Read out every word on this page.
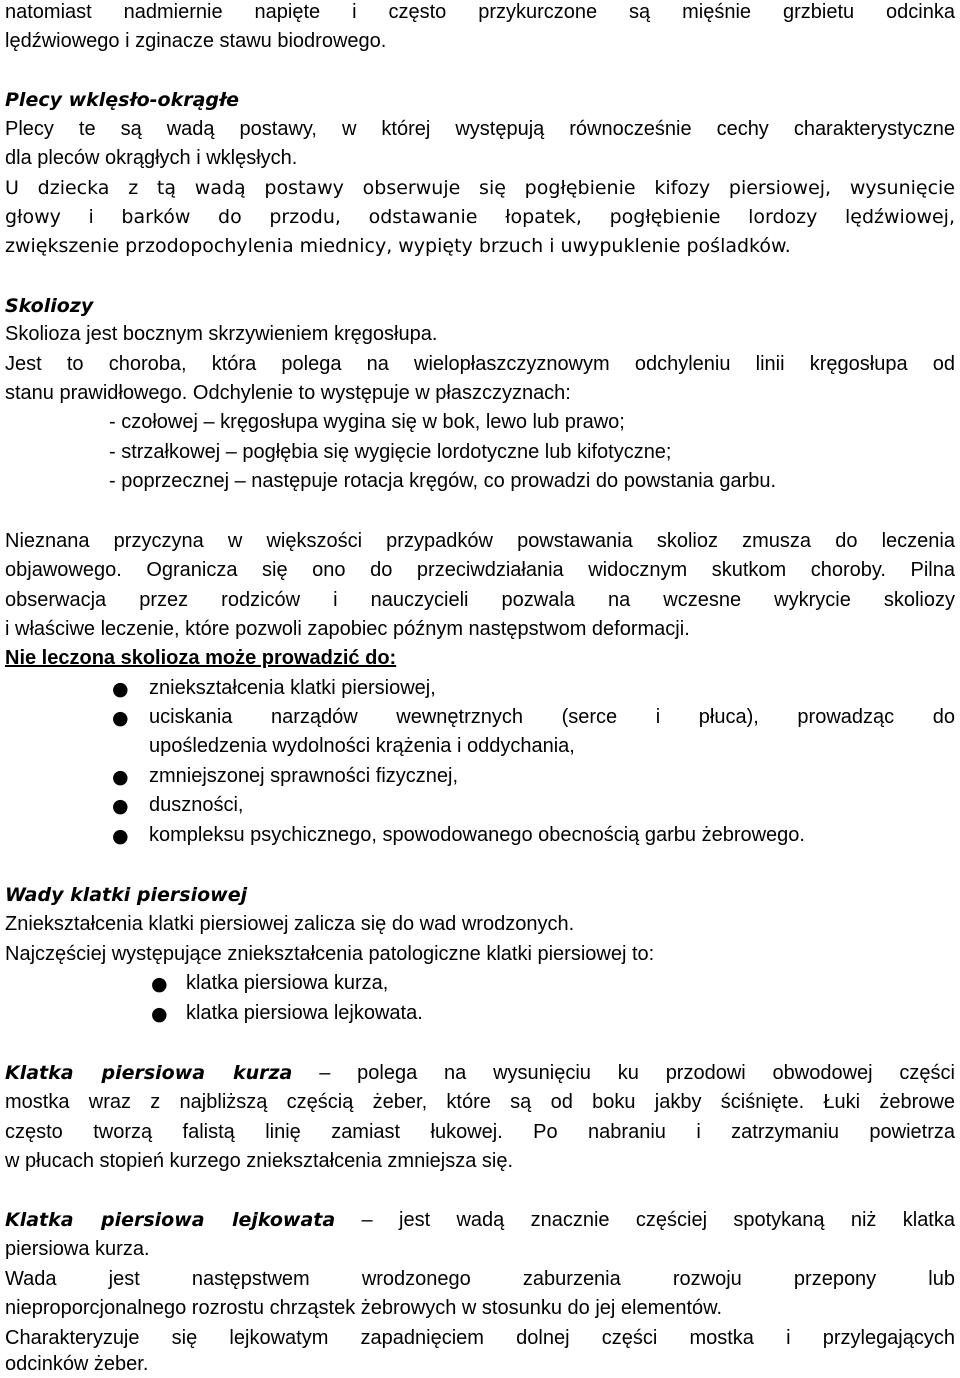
natomiast nadmiernie napięte i często przykurczone są mięśnie grzbietu odcinka
lędźwiowego i zginacze stawu biodrowego.
Plecy wklęsło-okrągłe
Plecy te są wadą postawy, w której występują równocześnie cechy charakterystyczne
dla pleców okrągłych i wklęsłych.
U dziecka z tą wadą postawy obserwuje się pogłębienie kifozy piersiowej, wysunięcie
głowy i barków do przodu, odstawanie łopatek, pogłębienie lordozy lędźwiowej,
zwiększenie przodopochylenia miednicy, wypięty brzuch i uwypuklenie pośladków.
Skoliozy
Skolioza jest bocznym skrzywieniem kręgosłupa.
Jest to choroba, która polega na wielopłaszczyznowym odchyleniu linii kręgosłupa od
stanu prawidłowego. Odchylenie to występuje w płaszczyznach:
- czołowej – kręgosłupa wygina się w bok, lewo lub prawo;
- strzałkowej – pogłębia się wygięcie lordotyczne lub kifotyczne;
- poprzecznej – następuje rotacja kręgów, co prowadzi do powstania garbu.
Nieznana przyczyna w większości przypadków powstawania skolioz zmusza do leczenia
objawowego. Ogranicza się ono do przeciwdziałania widocznym skutkom choroby. Pilna
obserwacja przez rodziców i nauczycieli pozwala na wczesne wykrycie skoliozy
i właściwe leczenie, które pozwoli zapobiec późnym następstwom deformacji.
Nie leczona skolioza może prowadzić do:
● zniekształcenia klatki piersiowej,
● uciskania narządów wewnętrznych (serce i płuca), prowadząc do
upośledzenia wydolności krążenia i oddychania,
● zmniejszonej sprawności fizycznej,
● duszności,
● kompleksu psychicznego, spowodowanego obecnością garbu żebrowego.
Wady klatki piersiowej
Zniekształcenia klatki piersiowej zalicza się do wad wrodzonych.
Najczęściej występujące zniekształcenia patologiczne klatki piersiowej to:
● klatka piersiowa kurza,
● klatka piersiowa lejkowata.
Klatka piersiowa kurza – polega na wysunięciu ku przodowi obwodowej części
mostka wraz z najbliższą częścią żeber, które są od boku jakby ściśnięte. Łuki żebrowe
często tworzą falistą linię zamiast łukowej. Po nabraniu i zatrzymaniu powietrza
w płucach stopień kurzego zniekształcenia zmniejsza się.
Klatka piersiowa lejkowata – jest wadą znacznie częściej spotykaną niż klatka
piersiowa kurza.
Wada jest następstwem wrodzonego zaburzenia rozwoju przepony lub
nieproporcjonalnego rozrostu chrząstek żebrowych w stosunku do jej elementów.
Charakteryzuje się lejkowatym zapadnięciem dolnej części mostka i przylegających
odcinków żeber.
